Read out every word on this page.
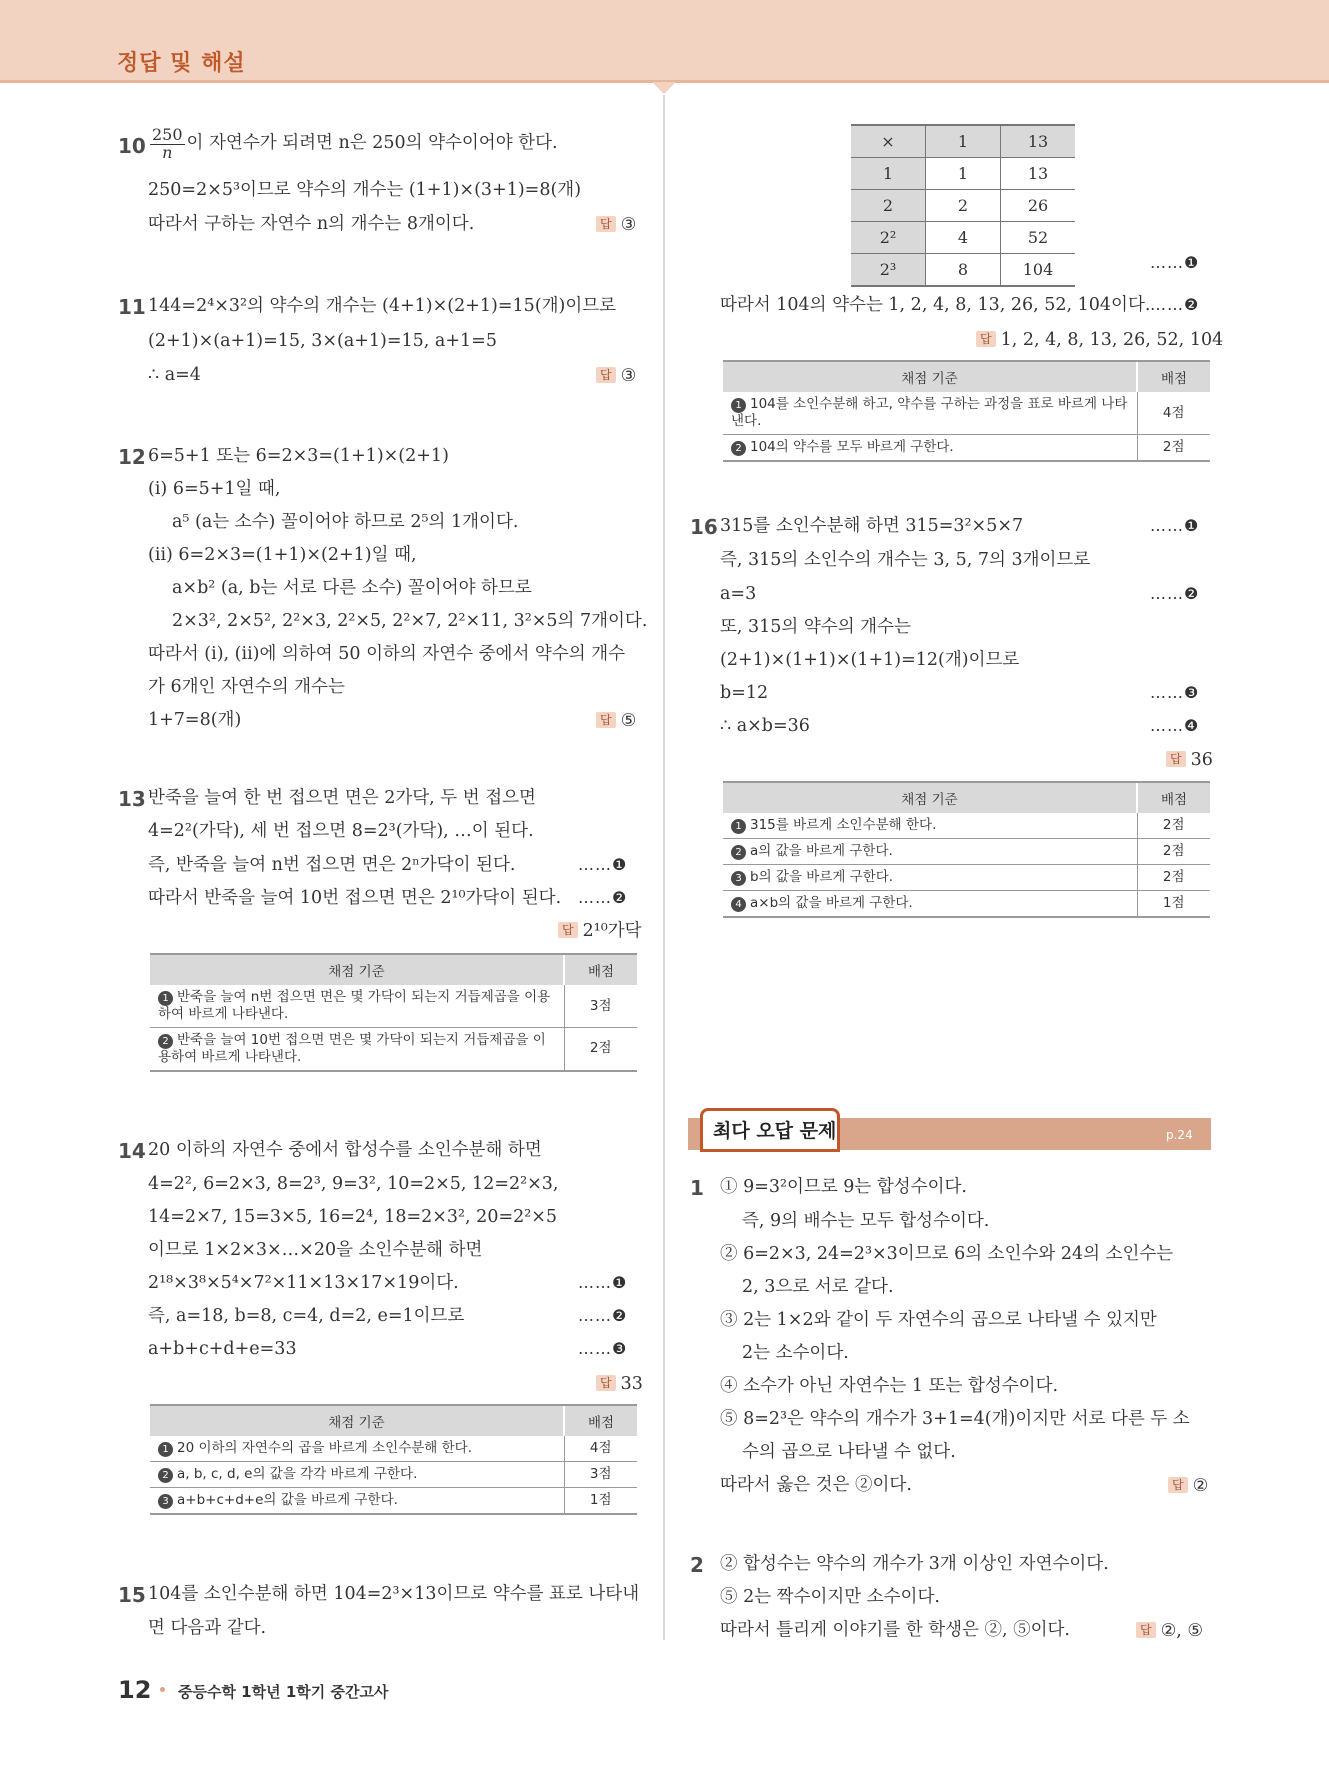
정답 및 해설
$10 \frac{250}{n}$ 이 자연수가 되려면 n은 250의 약수이어야 한다.
250=2×5³이므로 약수의 개수는 (1+1)×(3+1)=8(개)
따라서 구하는 자연수 n의 개수는 8개이다.	답 ③
11 144=2⁴×3²의 약수의 개수는 (4+1)×(2+1)=15(개)이므로
(2+1)×(a+1)=15, 3×(a+1)=15, a+1=5
∴ a=4	답 ③
12 6=5+1 또는 6=2×3=(1+1)×(2+1)
(ⅰ) 6=5+1일 때,
a⁵ (a는 소수) 꼴이어야 하므로 2⁵의 1개이다.
(ⅱ) 6=2×3=(1+1)×(2+1)일 때,
a×b² (a, b는 서로 다른 소수) 꼴이어야 하므로
2×3², 2×5², 2²×3, 2²×5, 2²×7, 2²×11, 3²×5의 7개이다.
따라서 (ⅰ), (ⅱ)에 의하여 50 이하의 자연수 중에서 약수의 개수
가 6개인 자연수의 개수는
1+7=8(개)	답 ⑤
13 반죽을 늘여 한 번 접으면 면은 2가닥, 두 번 접으면
4=2²(가닥), 세 번 접으면 8=2³(가닥), …이 된다.
즉, 반죽을 늘여 n번 접으면 면은 2ⁿ가닥이 된다.
따라서 반죽을 늘여 10번 접으면 면은 2¹⁰가닥이 된다.
……❶
……❷
답 2¹⁰가닥
채점 기준	배점
1 반죽을 늘여 n번 접으면 면은 몇 가닥이 되는지 거듭제곱을 이용하여 바르게 나타낸다.	3점
2 반죽을 늘여 10번 접으면 면은 몇 가닥이 되는지 거듭제곱을 이용하여 바르게 나타낸다.	2점
14 20 이하의 자연수 중에서 합성수를 소인수분해 하면
4=2², 6=2×3, 8=2³, 9=3², 10=2×5, 12=2²×3,
14=2×7, 15=3×5, 16=2⁴, 18=2×3², 20=2²×5
이므로 1×2×3×…×20을 소인수분해 하면
2¹⁸×3⁸×5⁴×7²×11×13×17×19이다.
즉, a=18, b=8, c=4, d=2, e=1이므로
a+b+c+d+e=33
……❶
……❷
……❸
답 33
채점 기준	배점
1 20 이하의 자연수의 곱을 바르게 소인수분해 한다.	4점
2 a, b, c, d, e의 값을 각각 바르게 구한다.	3점
3 a+b+c+d+e의 값을 바르게 구한다.	1점
15 104를 소인수분해 하면 104=2³×13이므로 약수를 표로 나타내
면 다음과 같다.
×	1	13
1	1	13
2	2	26
2²	4	52
2³	8	104	……❶
따라서 104의 약수는 1, 2, 4, 8, 13, 26, 52, 104이다. ……❷
답 1, 2, 4, 8, 13, 26, 52, 104
채점 기준	배점
1 104를 소인수분해 하고, 약수를 구하는 과정을 표로 바르게 나타낸다.	4점
2 104의 약수를 모두 바르게 구한다.	2점
16 315를 소인수분해 하면 315=3²×5×7
즉, 315의 소인수의 개수는 3, 5, 7의 3개이므로
a=3
또, 315의 약수의 개수는
(2+1)×(1+1)×(1+1)=12(개)이므로
b=12
∴ a×b=36
……❶
……❷
……❸
……❹
답 36
채점 기준	배점
1 315를 바르게 소인수분해 한다.	2점
2 a의 값을 바르게 구한다.	2점
3 b의 값을 바르게 구한다.	2점
4 a×b의 값을 바르게 구한다.	1점
최다 오답 문제	p.24
1 ① 9=3²이므로 9는 합성수이다.
즉, 9의 배수는 모두 합성수이다.
② 6=2×3, 24=2³×3이므로 6의 소인수와 24의 소인수는
2, 3으로 서로 같다.
③ 2는 1×2와 같이 두 자연수의 곱으로 나타낼 수 있지만
2는 소수이다.
④ 소수가 아닌 자연수는 1 또는 합성수이다.
⑤ 8=2³은 약수의 개수가 3+1=4(개)이지만 서로 다른 두 소
수의 곱으로 나타낼 수 없다.
따라서 옳은 것은 ②이다.	답 ②
2 ② 합성수는 약수의 개수가 3개 이상인 자연수이다.
⑤ 2는 짝수이지만 소수이다.
따라서 틀리게 이야기를 한 학생은 ②, ⑤이다.	답 ②, ⑤
12 중등수학 1학년 1학기 중간고사
